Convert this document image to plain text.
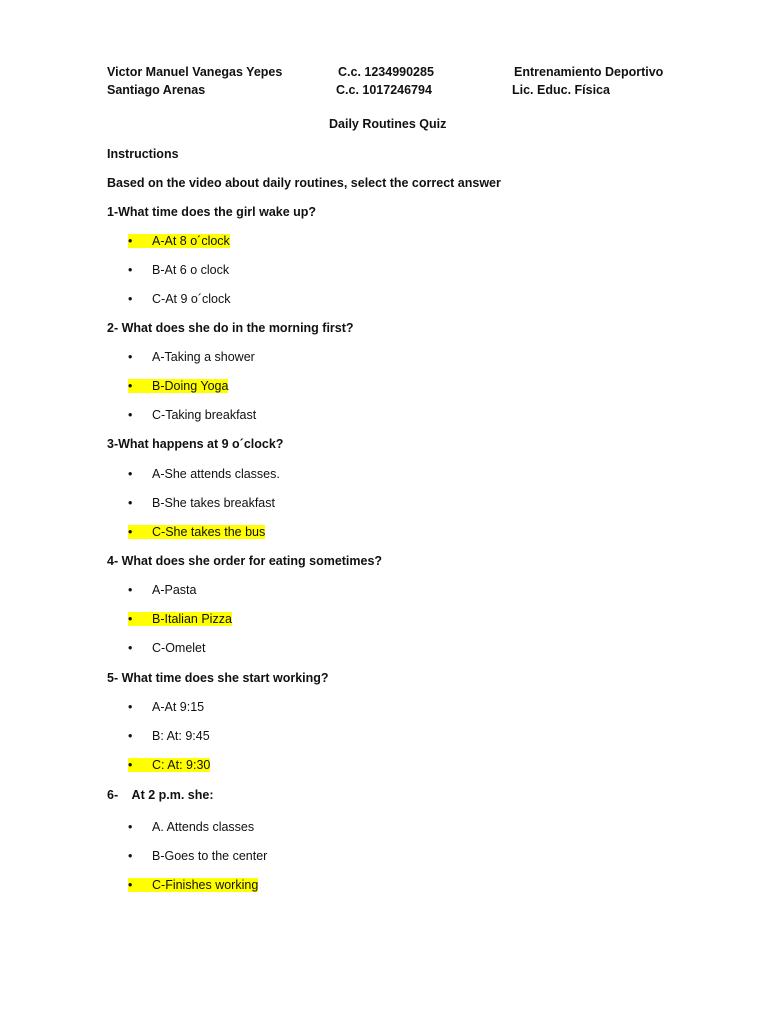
Victor Manuel Vanegas Yepes	C.c. 1234990285	Entrenamiento Deportivo
Santiago Arenas	C.c. 1017246794	Lic. Educ. Física
Daily Routines Quiz
Instructions
Based on the video about daily routines, select the correct answer
1-What time does the girl wake up?
• A-At 8 o´clock
• B-At 6 o clock
• C-At 9 o´clock
2- What does she do in the morning first?
• A-Taking a shower
• B-Doing Yoga
• C-Taking breakfast
3-What happens at 9 o´clock?
• A-She attends classes.
• B-She takes breakfast
• C-She takes the bus
4- What does she order for eating sometimes?
• A-Pasta
• B-Italian Pizza
• C-Omelet
5- What time does she start working?
• A-At 9:15
• B: At: 9:45
• C: At: 9:30
6-    At 2 p.m. she:
• A. Attends classes
• B-Goes to the center
• C-Finishes working
